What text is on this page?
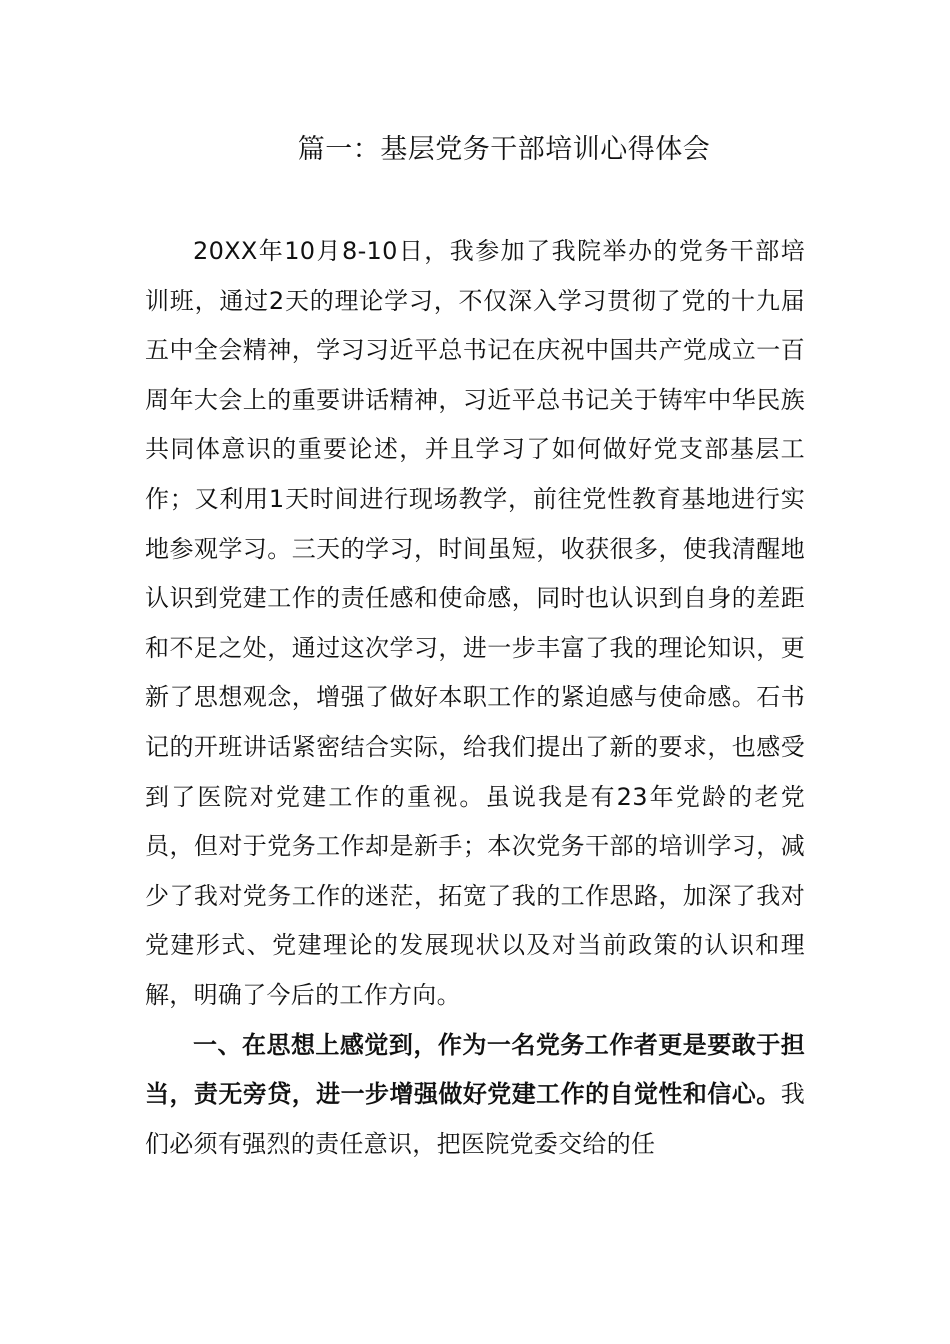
篇一：基层党务干部培训心得体会

20XX年10月8-10日，我参加了我院举办的党务干部培训班，通过2天的理论学习，不仅深入学习贯彻了党的十九届五中全会精神，学习习近平总书记在庆祝中国共产党成立一百周年大会上的重要讲话精神，习近平总书记关于铸牢中华民族共同体意识的重要论述，并且学习了如何做好党支部基层工作；又利用1天时间进行现场教学，前往党性教育基地进行实地参观学习。三天的学习，时间虽短，收获很多，使我清醒地认识到党建工作的责任感和使命感，同时也认识到自身的差距和不足之处，通过这次学习，进一步丰富了我的理论知识，更新了思想观念，增强了做好本职工作的紧迫感与使命感。石书记的开班讲话紧密结合实际，给我们提出了新的要求，也感受到了医院对党建工作的重视。虽说我是有23年党龄的老党员，但对于党务工作却是新手；本次党务干部的培训学习，减少了我对党务工作的迷茫，拓宽了我的工作思路，加深了我对党建形式、党建理论的发展现状以及对当前政策的认识和理解，明确了今后的工作方向。

一、在思想上感觉到，作为一名党务工作者更是要敢于担当，责无旁贷，进一步增强做好党建工作的自觉性和信心。我们必须有强烈的责任意识，把医院党委交给的任
